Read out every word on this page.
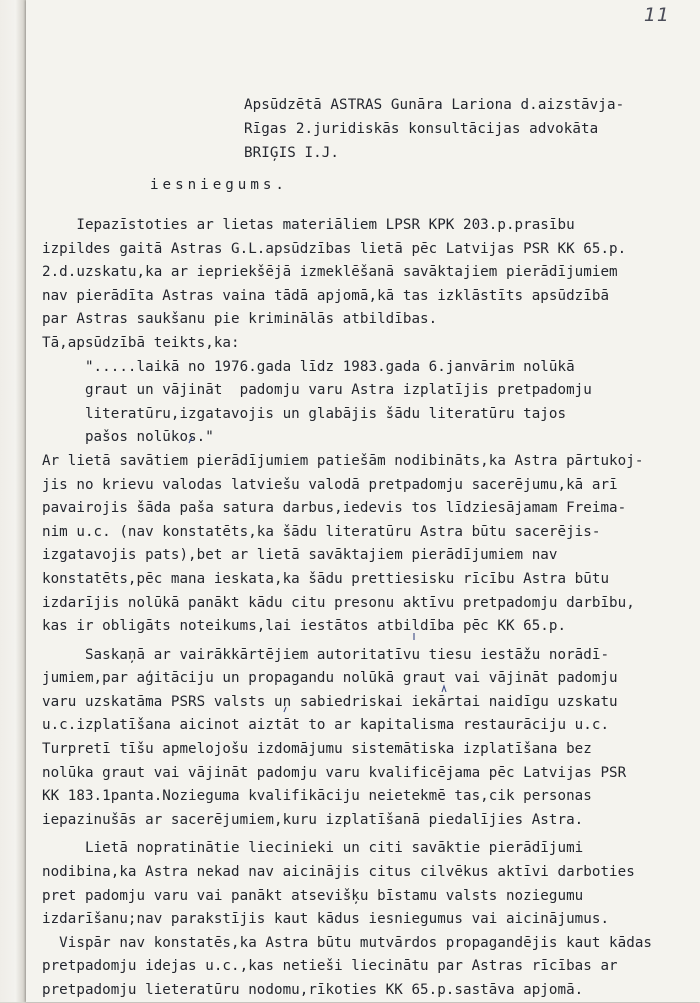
11
Apsūdzētā ASTRAS Gunāra Lariona d.aizstāvja-
Rīgas 2.juridiskās konsultācijas advokāta
BRIĢIS I.J.
iesniegums.
Iepazīstoties ar lietas materiāliem LPSR KPK 203.p.prasību
izpildes gaitā Astras G.L.apsūdzības lietā pēc Latvijas PSR KK 65.p.
2.d.uzskatu,ka ar iepriekšējā izmeklēšanā savāktajiem pierādījumiem
nav pierādīta Astras vaina tādā apjomā,kā tas izklāstīts apsūdzībā
par Astras saukšanu pie kriminālās atbildības.
Tā,apsūdzībā teikts,ka:
".....laikā no 1976.gada līdz 1983.gada 6.janvārim nolūkā
graut un vājināt  padomju varu Astra izplatījis pretpadomju
literatūru,izgatavojis un glabājis šādu literatūru tajos
pašos nolūkos."
Ar lietā savātiem pierādījumiem patiešām nodibināts,ka Astra pārtukoj-
jis no krievu valodas latviešu valodā pretpadomju sacerējumu,kā arī
pavairojis šāda paša satura darbus,iedevis tos līdziesājamam Freima-
nim u.c. (nav konstatēts,ka šādu literatūru Astra būtu sacerējis-
izgatavojis pats),bet ar lietā savāktajiem pierādījumiem nav
konstatēts,pēc mana ieskata,ka šādu prettiesisku rīcību Astra būtu
izdarījis nolūkā panākt kādu citu presonu aktīvu pretpadomju darbību,
kas ir obligāts noteikums,lai iestātos atbildība pēc KK 65.p.
Saskaņā ar vairākkārtējiem autoritatīvu tiesu iestāžu norādī-
jumiem,par aģitāciju un propagandu nolūkā graut vai vājināt padomju
varu uzskatāma PSRS valsts un sabiedriskai iekārtai naidīgu uzskatu
u.c.izplatīšana aicinot aiztāt to ar kapitalisma restaurāciju u.c.
Turpretī tīšu apmelojošu izdomājumu sistemātiska izplatīšana bez
nolūka graut vai vājināt padomju varu kvalificējama pēc Latvijas PSR
KK 183.1panta.Nozieguma kvalifikāciju neietekmē tas,cik personas
iepazinušās ar sacerējumiem,kuru izplatīšanā piedalījies Astra.
Lietā nopratinātie liecinieki un citi savāktie pierādījumi
nodibina,ka Astra nekad nav aicinājis citus cilvēkus aktīvi darboties
pret padomju varu vai panākt atsevišķu bīstamu valsts noziegumu
izdarīšanu;nav parakstījis kaut kādus iesniegumus vai aicinājumus.
Vispār nav konstatēs,ka Astra būtu mutvārdos propagandējis kaut kādas
pretpadomju idejas u.c.,kas netieši liecinātu par Astras rīcības ar
pretpadomju lieteratūru nodomu,rīkoties KK 65.p.sastāva apjomā.
